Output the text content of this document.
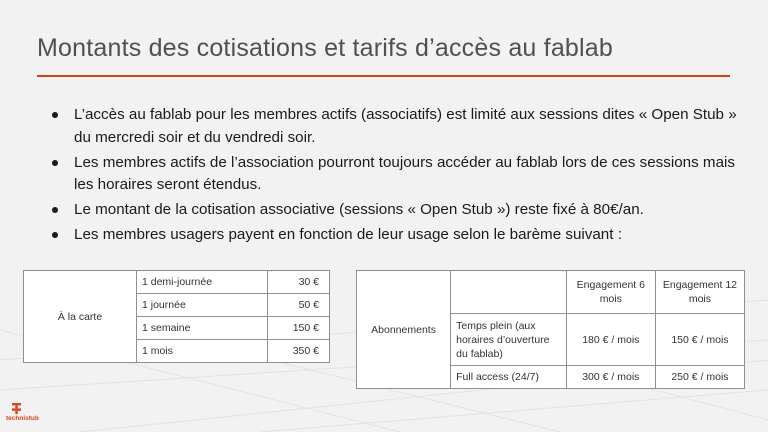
Montants des cotisations et tarifs d’accès au fablab
L’accès au fablab pour les membres actifs (associatifs) est limité aux sessions dites « Open Stub » du mercredi soir et du vendredi soir.
Les membres actifs de l’association pourront toujours accéder au fablab lors de ces sessions mais les horaires seront étendus.
Le montant de la cotisation associative (sessions « Open Stub ») reste fixé à 80€/an.
Les membres usagers payent en fonction de leur usage selon le barème suivant :
À la carte	1 demi-journée	30 €
	1 journée	50 €
	1 semaine	150 €
	1 mois	350 €
Abonnements		Engagement 6 mois	Engagement 12 mois
	Temps plein (aux horaires d’ouverture du fablab)	180 € / mois	150 € / mois
	Full access (24/7)	300 € / mois	250 € / mois
technistub
